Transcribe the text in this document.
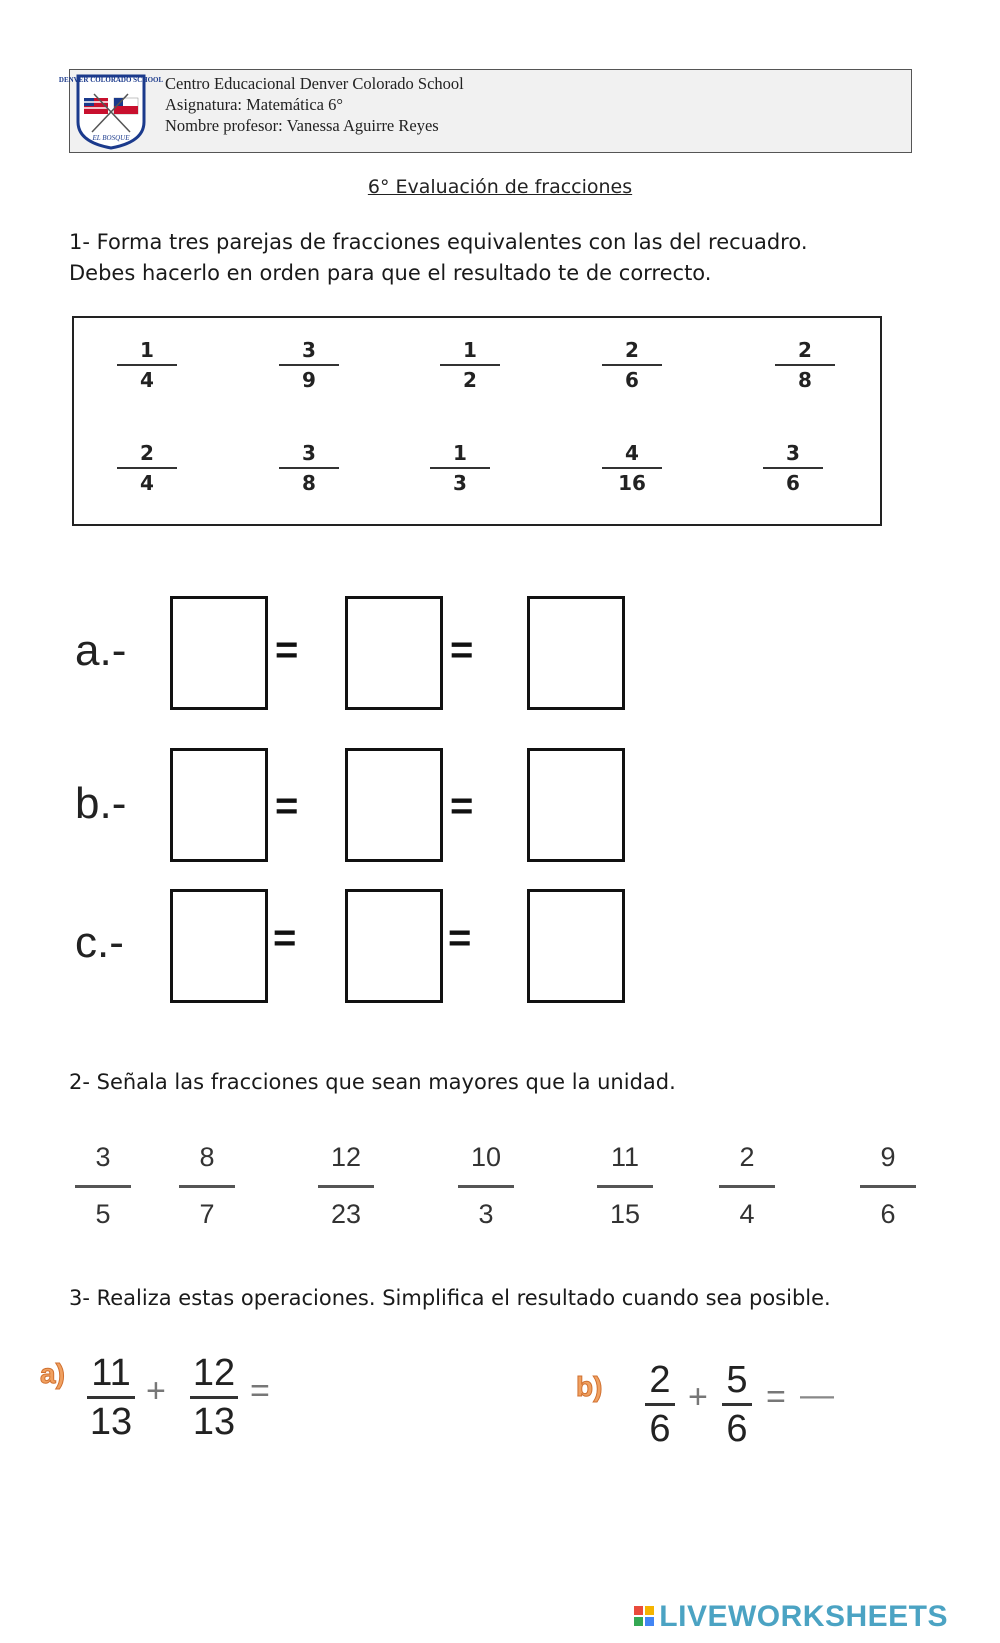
DENVER COLORADO SCHOOL
EL BOSQUE
Centro Educacional Denver Colorado School
Asignatura: Matemática 6°
Nombre profesor: Vanessa Aguirre Reyes
6° Evaluación de fracciones
1- Forma tres parejas de fracciones equivalentes con las del recuadro.
Debes hacerlo en orden para que el resultado te de correcto.
1
4
3
9
1
2
2
6
2
8
2
4
3
8
1
3
4
16
3
6
a.-	=	=
b.-	=	=
c.-	=	=
2- Señala las fracciones que sean mayores que la unidad.
3
5
8
7
12
23
10
3
11
15
2
4
9
6
3- Realiza estas operaciones. Simplifica el resultado cuando sea posible.
a) 11
13
+ 12
13
=	b) 2
6
+ 5
6
= —
LIVEWORKSHEETS
